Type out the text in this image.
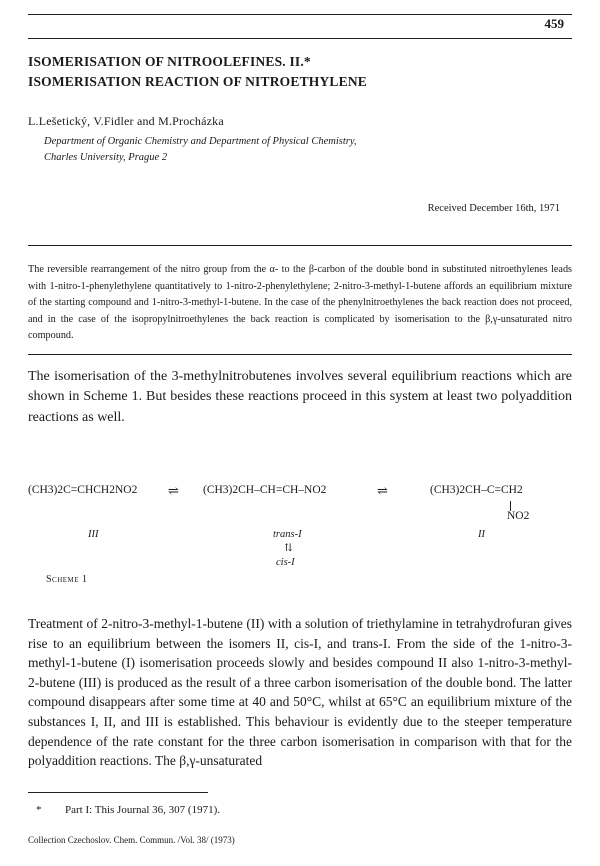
459
ISOMERISATION OF NITROOLEFINES. II.*
ISOMERISATION REACTION OF NITROETHYLENE
L.Lešetický, V.Fidler and M.Procházka
Department of Organic Chemistry and Department of Physical Chemistry,
Charles University, Prague 2
Received December 16th, 1971
The reversible rearrangement of the nitro group from the α- to the β-carbon of the double bond in substituted nitroethylenes leads with 1-nitro-1-phenylethylene quantitatively to 1-nitro-2-phenylethylene; 2-nitro-3-methyl-1-butene affords an equilibrium mixture of the starting compound and 1-nitro-3-methyl-1-butene. In the case of the phenylnitroethylenes the back reaction does not proceed, and in the case of the isopropylnitroethylenes the back reaction is complicated by isomerisation to the β,γ-unsaturated nitro compound.
The isomerisation of the 3-methylnitrobutenes involves several equilibrium reactions which are shown in Scheme 1. But besides these reactions proceed in this system at least two polyaddition reactions as well.
(CH3)2C=CHCH2NO2 ⇌ (CH3)2CH–CH=CH–NO2	⇌	(CH3)2CH–C=CH2
NO2
III	trans-I
⇅
cis-I
II
Scheme 1
Treatment of 2-nitro-3-methyl-1-butene (II) with a solution of triethylamine in tetrahydrofuran gives rise to an equilibrium between the isomers II, cis-I, and trans-I. From the side of the 1-nitro-3-methyl-1-butene (I) isomerisation proceeds slowly and besides compound II also 1-nitro-3-methyl-2-butene (III) is produced as the result of a three carbon isomerisation of the double bond. The latter compound disappears after some time at 40 and 50°C, whilst at 65°C an equilibrium mixture of the substances I, II, and III is established. This behaviour is evidently due to the steeper temperature dependence of the rate constant for the three carbon isomerisation in comparison with that for the polyaddition reactions. The β,γ-unsaturated
* Part I: This Journal 36, 307 (1971).
Collection Czechoslov. Chem. Commun. /Vol. 38/ (1973)
